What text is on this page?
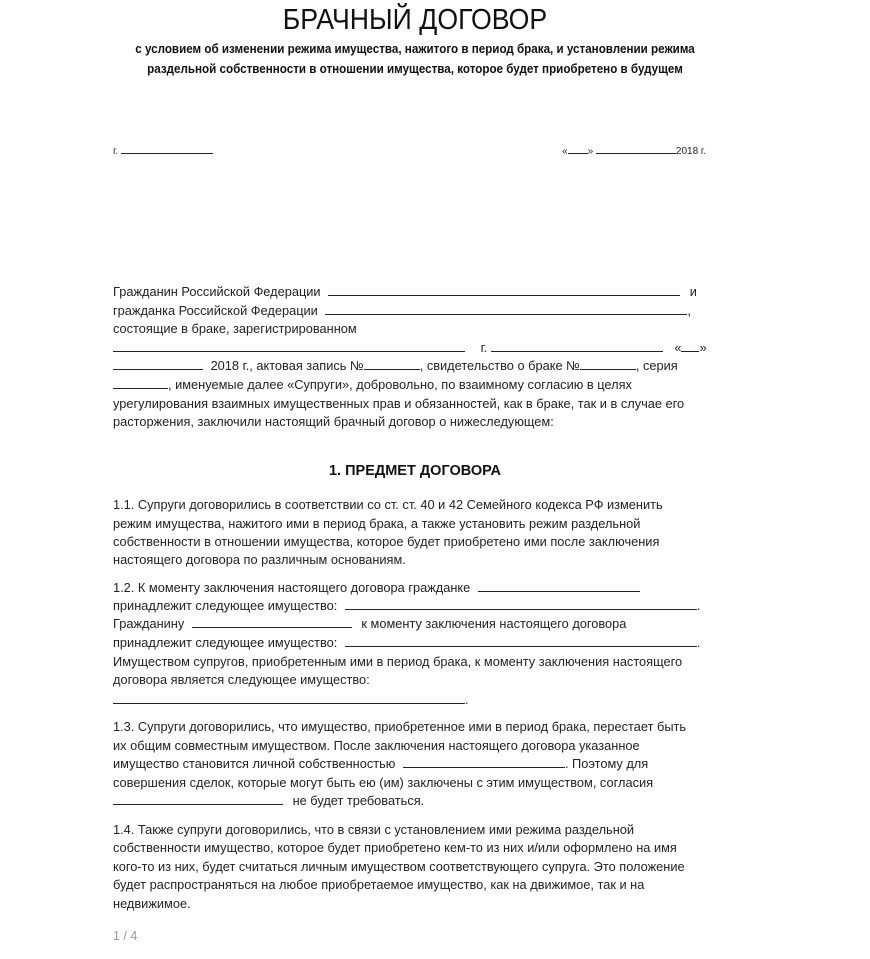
БРАЧНЫЙ ДОГОВОР
с условием об изменении режима имущества, нажитого в период брака, и установлении режима
раздельной собственности в отношении имущества, которое будет приобретено в будущем
г.	« »	2018 г.
Гражданин Российской Федерации	и
гражданка Российской Федерации	,
состоящие в браке, зарегистрированном
г.	« »
2018 г., актовая запись №	, свидетельство о браке №	, серия
, именуемые далее «Супруги», добровольно, по взаимному согласию в целях
урегулирования взаимных имущественных прав и обязанностей, как в браке, так и в случае его
расторжения, заключили настоящий брачный договор о нижеследующем:
1. ПРЕДМЕТ ДОГОВОРА
1.1. Супруги договорились в соответствии со ст. ст. 40 и 42 Семейного кодекса РФ изменить
режим имущества, нажитого ими в период брака, а также установить режим раздельной
собственности в отношении имущества, которое будет приобретено ими после заключения
настоящего договора по различным основаниям.
1.2. К моменту заключения настоящего договора гражданке
принадлежит следующее имущество:	.
Гражданину	к моменту заключения настоящего договора
принадлежит следующее имущество:	.
Имуществом супругов, приобретенным ими в период брака, к моменту заключения настоящего
договора является следующее имущество:
.
1.3. Супруги договорились, что имущество, приобретенное ими в период брака, перестает быть
их общим совместным имуществом. После заключения настоящего договора указанное
имущество становится личной собственностью	. Поэтому для
совершения сделок, которые могут быть ею (им) заключены с этим имуществом, согласия
не будет требоваться.
1.4. Также супруги договорились, что в связи с установлением ими режима раздельной
собственности имущество, которое будет приобретено кем-то из них и/или оформлено на имя
кого-то из них, будет считаться личным имуществом соответствующего супруга. Это положение
будет распространяться на любое приобретаемое имущество, как на движимое, так и на
недвижимое.
1 / 4
